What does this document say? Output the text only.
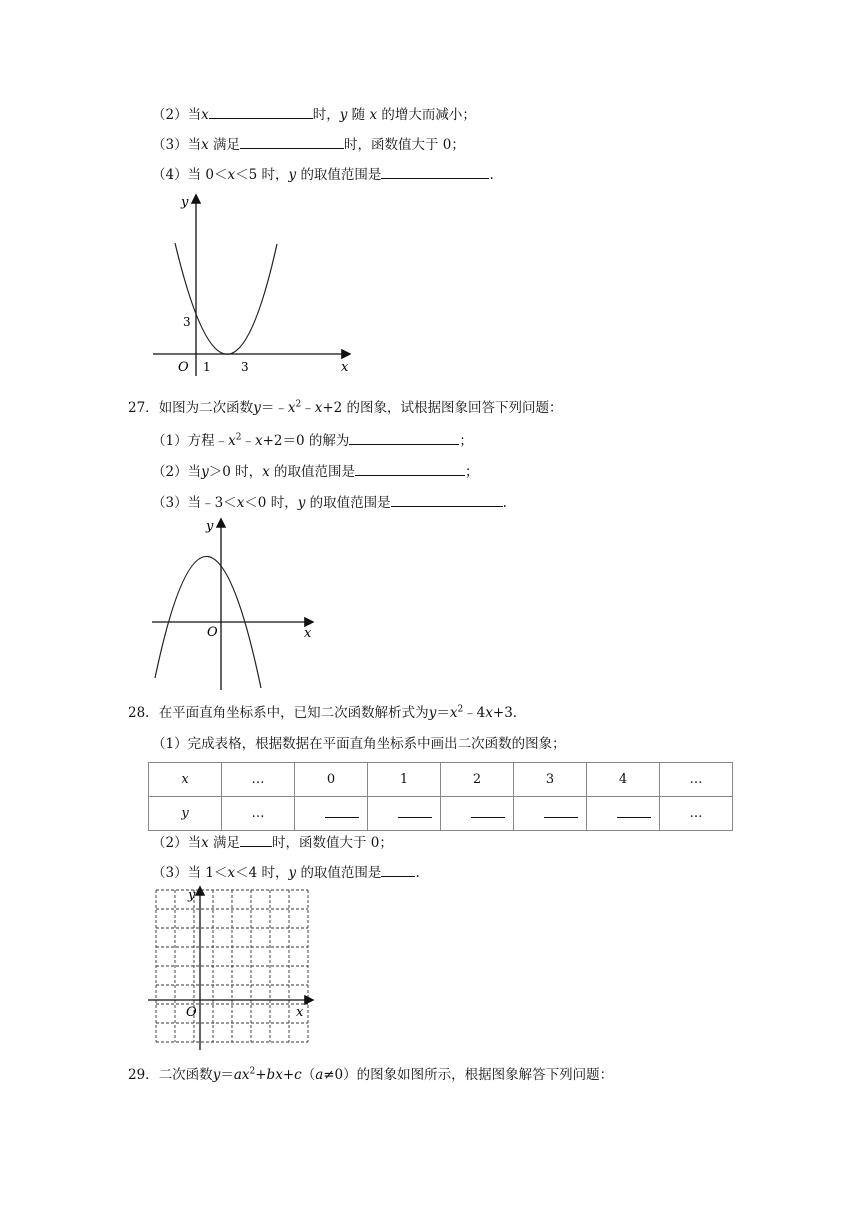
（2）当x	时，y 随 x 的增大而减小；
（3）当x 满足	时，函数值大于 0；
（4）当 0＜x＜5 时，y 的取值范围是	.
y
x
O
3
1	3
27．如图为二次函数$y=﹣x^2﹣x+2$ 的图象，试根据图象回答下列问题：
（1）方程$﹣x^2﹣x+2=0$ 的解为	；
（2）当y＞0 时，x 的取值范围是	；
（3）当﹣3＜x＜0 时，y 的取值范围是	.
y
x
O
28．在平面直角坐标系中，已知二次函数解析式为$y=x^2﹣4x+3$．
（1）完成表格，根据数据在平面直角坐标系中画出二次函数的图象；
x	…	0	1	2	3	4	…
y	…						…
（2）当x 满足 时，函数值大于 0；
（3）当 1＜x＜4 时，y 的取值范围是	.
y
x
O
29．二次函数$y=ax^2+bx+c(a\ne 0)$的图象如图所示，根据图象解答下列问题：
